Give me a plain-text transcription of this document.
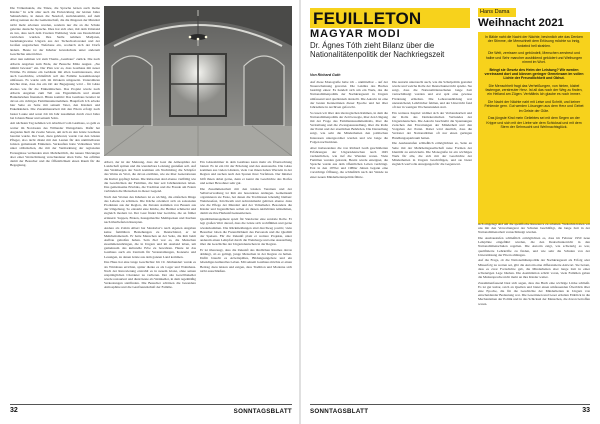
Die Völkerkunde, die Tänze, die Sprache lernen auch meine Kinder.“ In acht aller auch die Entwicklung der letzten Jahre Sehnerlebnis, in denen die Neudorf, zurückkommt, auf dem Alltag nennen sie die Gemeinschaft, die die Jüngeren der Mundart nicht mehr erlernen wurden, sondern nur die an die Schule gelernte deutsche Sprache. Dies hat sich aber, mit dem Umstand zu tun, dass nach dem Zweiten Weltkrieg viele aus Deutschland vertrieben wurden. Ihre Stelle nahmen Madjaren, beziehungsweise Ungarn aus der Tschechoslowakei und der Großen ungarischen Tiefebene ein, wodurch sich der Dorfs ändern. Heute ist der Inhaber Grundschule unter anderem Geschichte unterrichtet.

Aber nun nehmen wir zum Thema „Gasthaus“ zurück. Die nach Alberts Angaben zum Ende, der Besuche Mitte August. „Sie nimmt bewusst“ ein. Der Plan war es, dass Gasthaus mit neuer Wärme. Es müsste ein Gebäude mit allen Gastinteressen, aber auch Geschichte, schließlich soll das Familie Gesamtkonzept umfassen. Es wurde sich im Ortskern umgesetzt. Unterstützen möchte man, dass das ein Ort der Begegnung wird – für Gäste ebenso wie für die Einheimischen. Das Projekt wurde nach Alberts Angaben zum Teil aus Eigenmitteln und einem Bankdarlehen finanziert. Hinzu kommt: Das Gasthaus bereitet ist davon ein richtiges Familienunternehmen. Hauptfach Ich arbeite hier Seite an Seite mit seinem Vater, den Kindern und Enkelkindern. Die Zusammenarbeit mit den Eltern erfolgt nach bester Laune und sonst Job im Jahr zusammen durch zwei Jahre bei Johann Bauer und seinem Sohn.

Am nächsten Tag nehmen wir Abschied vom Gasthaus, so geht es weiter im Nordosten des Willander Weingebiets. Dafür hat Augustus hielt die zweite Saison, um sich an den Gäste Gasthaus bereitet wurde. Der Saal, dazu gehörend, wurde von den Gästen Pfleger, also nicht direkt mit den Leuten für den unmittelbaren Gästen gemeinsam Einheiten. Verkauften hatte Volkstänze Wert unter stilistischen, die mit der Vermarktung der regionalen Erzeugnisse verbunden sind. Mehrheitlich, die neuere Nutzungen aber einer Wertschätzung verschiedener alten Teile. Sie erfüllen damit der Besucher und die Öffentlichkeit einen Raum für die Begegnung.

Albert, der ist der Meinung, dass der Gast die Atmosphäre der Landschaft spüren und die wunderbare Leistung genießen soll. Auf den Weinbergen der Stadt kommen am Nachmittag die Schöpfer des Weins zu Wort, die davon erzählen, wie sie über Generationen die Kultur gepflegt haben. Die Rebsorten sind ebenso vielfältig wie die Geschichten der Familien, die hier seit Jahrhunderten leben. Das gemeinsame Erlebnis, die Tradition und die Freude am Feiern verbinden die Menschen in dieser Gegend.

Nach den Worten des Inhabers ist es wichtig, die einfachen Dinge des Lebens zu schätzen. Die Küche orientiert sich an saisonalen Produkten aus der Region, die Zutaten stammen von Bauern aus der Umgebung. So entsteht eine Küche, die Heimat schmeckt und zugleich modern ist. Der Gast findet hier Gerichte, die an früher erinnern: Suppen, Braten, hausgemachte Mehlspeisen und Kuchen nach überlieferten Rezepten.

Andere als Zoltán Albert hat Sándorisz’s nach eigenen Angaben keine familiären Beziehungen zu Deutschland, er ist Mehrheitsmensch. Er hatte Menschen an der Seite, die ihm beim Aufbau geholfen haben. Sein Ziel war es, die Menschen zusammenzubringen, die in Ungarn und im Ausland leben, um gemeinsam das kulturelle Erbe zu bewahren. Heute ist das Gasthaus auch ein Zentrum für Veranstaltungen, Konzerte und Lesungen, zu denen Gäste aus dem ganzen Land kommen.

Das Haus hat eine lange Geschichte: Im 19. Jahrhundert wurde es als Wirtshaus errichtet, später diente es als Lager und Wohnhaus. Nach der Renovierung erstrahlt es in neuem Glanz, ohne seinen ursprünglichen Charakter zu verlieren. Der alte Gewölbekeller wurde restauriert und dient heute als Weinkeller, in dem regelmäßig Verkostungen stattfinden. Die Besucher schätzen die besondere Atmosphäre und die Gastfreundschaft der Familie.

Ein Gästezimmer in dem Gasthaus kann mehr als Übernachtung bieten: Es ist ein Ort der Erholung und des Austauschs. Die Gäste kommen aus vielen Ländern, viele von ihnen haben Wurzeln in der Region und suchen nach den Spuren ihrer Vorfahren. Der Inhaber hilft ihnen dabei gerne, denn er kennt die Geschichte des Dorfes und seiner Bewohner sehr gut.

Die Zusammenarbeit mit den lokalen Vereinen und der Selbstverwaltung ist ihm ein besonderes Anliegen. Gemeinsam organisieren sie Feste, bei denen die Traditionen lebendig bleiben: Weinlesefest, Kirchweih und Adventsmarkt gehören ebenso dazu wie die Pflege der Mundart und der Volkslieder. Besonders die Kinder und Jugendlichen sollen an diesen Aktivitäten teilnehmen, damit sie ihre Herkunft kennenlernen.

Qualitätsmanagement spielt für Sándorisz eine zentrale Rolle. Er legt großen Wert darauf, dass die Gäste sich wohlfühlen und gerne wiederkommen. Die Rückmeldungen sind durchweg positiv, viele Besucher loben die Freundlichkeit des Personals und die Qualität der Speisen. Für die Zukunft plant er weitere Projekte, unter anderem einen Lehrpfad durch die Weinberge und eine Ausstellung über die Geschichte der Ungarndeutschen in der Region.

Er ist überzeugt, dass die Zukunft des ländlichen Raumes davon abhängt, ob es gelingt, junge Menschen in der Region zu halten. Dafür braucht es Arbeitsplätze, Bildungsangebote und ein lebendiges kulturelles Leben. Mit seinem Gasthaus möchte er einen Beitrag dazu leisten und zeigen, dass Tradition und Moderne sich nicht ausschließen.

32	SONNTAGSBLATT
FEUILLETON
MAGYAR MODI
Dr. Ágnes Tóth zieht Bilanz über die Nationalitätenpolitik der Nachkriegszeit
Von Richard Guth

Auf diese Monografie habe ich – unmittelbar – auf der Neuerscheinung gewartet. Die Lektüre des Buches bestätigt eines: Es handelt sich um ein Werk, das die Nationalitätenpolitik der Nachkriegszeit in Ungarn umfassend und quellennah darstellt. Die Autorin ist eine der besten Kennerinnen dieser Epoche und hat über Jahrzehnte in Archiven geforscht.

So lesen wir über den ideologischen Rahmen, in dem die Nationalitätenpolitik der Zeit bewegte, über den Umgang mit der Frage des Familienzusammenhalts, über die Vertreibung und die Zwangsaussiedlung, über die Rolle der Partei und der staatlichen Behörden. Die Darstellung zeigt, wie sehr die Minderheiten den politischen Interessen untergeordnet wurden und wie lange die Folgen nachwirkten.

Aber insbesondere die von Richard Guth geschilderten Erfahrungen der Ungarndeutschen nach 1945 verdeutlichen, wie tief die Wunden waren. Viele Familien wurden getrennt, Besitz wurde enteignet, die Sprache wurde aus dem öffentlichen Leben verdrängt. Erst in den 1970er und 1980er Jahren begann eine vorsichtige Öffnung, die schließlich nach der Wende zu einer neuen Minderheitenpolitik führte.

Die Autorin untersucht auch, wie die Schulpolitik gestaltet wurde und welche Rolle der Deutschunterricht spielte. Sie zeigt, dass die Nationalitätenschulen lange Zeit vernachlässigt wurden und erst spät eine gewisse Förderung erhielten. Die Lehrerausbildung war unzureichend, Lehrbücher fehlten, und der Unterricht fand oft nur in wenigen Wochenstunden statt.

Ein weiteres Kapitel widmet sich der Verbandsarbeit und der Rolle des Demokratischen Verbandes der Ungarndeutschen. Die Autorin beschreibt die Spannungen zwischen den Erwartungen der Minderheit und den Vorgaben der Partei. Dabei wird deutlich, dass die Vertreter der Nationalitäten oft nur einen geringen Handlungsspielraum hatten.

Die Ausbaustufen schließlich ermöglichten es, Seite an Seite mit der Mehrheitsgesellschaft neue Formen der Identität zu entwickeln. Die Monografie ist ein wichtiges Werk für alle, die sich mit der Geschichte der Minderheiten in Ungarn beschäftigen, und sie bietet zugleich wertvolle Anregungen für die Gegenwart.

Hans Dama
Weihnacht 2021
In Bälde naht die Nacht der Nächte, besinnlich wie das Denken der Stimme, die Menschheit dem Erlösung möchte so innig, funkelnd hell strahlen.
Die Welt, zerrissen und gebündelt, Menschen zerstreut und halbe und Sehr mancher ausbildend geködert und Weihungen nimmt im Wort.
Bringt sie Gesetz des Heim der Leistung? Wir werden vereinsamt dort und können geringer Gemeinsam im vollen Lichte der Freundlichkeit und Obhut.
Die Menschheit fragt das Verheißungen, von hinten, klabel fastengar, zerstreuter Herz. Ist all das noch der Weg zu finden, ein Heiland am Zügen. Verhältnis Ich glaube es noch immer.
Die Nacht der Nächte naht mit Leise und Schritt, und keiner Fehlende gern. Gut werden Lösungen aus dem Herz und Gebet im Geiste der Güte.
Das jüngste Kind mein Geliebtes sei mit dem Segen an der Krippe und sich mit der Liebe wie dem Schicksal und mit dem Stern der Sehnsucht und Weihnachtsglück.

sich eingelegt und um die spezifische Ressource zu arbeiten. Weiterhin haben wir uns mit den Verwaltungsrat der Schulen beschäftigt, die lange Zeit in der Nationalitätenarbeit vernachlässigt wurden.

Die Ausbaustufen schließlich ermöglichten es, dass im Februar 1950 neue Lehrpläne eingeführt wurden, die den Deutschunterricht in den Nationalitätenschulen regelten. Die Autorin zeigt, wie schwierig es war, qualifizierte Lehrkräfte zu finden, und wie sehr die Schulen von der Unterstützung der Eltern abhingen.

Auf die Frage, ob die Nationalitätenpolitik der Nachkriegszeit als Erfolg oder Misserfolg zu werten sei, gibt die Autorin eine differenzierte Antwort. Sie betont, dass es zwar Fortschritte gab, die Minderheiten aber lange Zeit in einer schwierigen Lage blieben. Die Assimilation schritt voran, viele Familien gaben die Muttersprache nicht mehr an ihre Kinder weiter.

Zusammenfassend lässt sich sagen, dass das Buch eine wichtige Lücke schließt. Es ist gut lesbar, reich an Quellen und bietet einen umfassenden Überblick über eine Epoche, die für die Geschichte der Minderheiten in Ungarn von entscheidender Bedeutung war. Die Leserinnen und Leser erhalten Einblick in die Mechanismen der Politik und in das Schicksal der Menschen, die davon betroffen waren.

SONNTAGSBLATT	33
